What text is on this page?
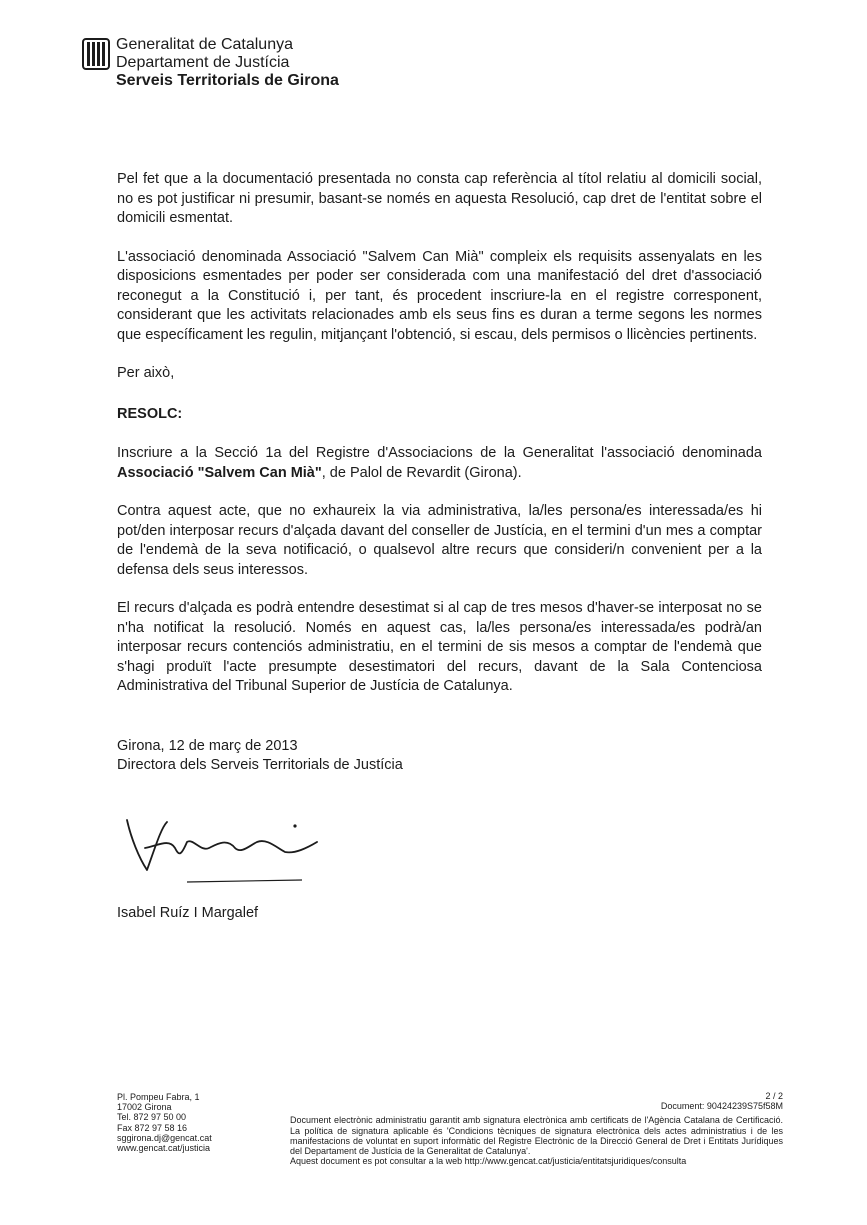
Generalitat de Catalunya
Departament de Justícia
Serveis Territorials de Girona

Pel fet que a la documentació presentada no consta cap referència al títol relatiu al domicili social, no es pot justificar ni presumir, basant-se només en aquesta Resolució, cap dret de l'entitat sobre el domicili esmentat.

L'associació denominada Associació "Salvem Can Mià" compleix els requisits assenyalats en les disposicions esmentades per poder ser considerada com una manifestació del dret d'associació reconegut a la Constitució i, per tant, és procedent inscriure-la en el registre corresponent, considerant que les activitats relacionades amb els seus fins es duran a terme segons les normes que específicament les regulin, mitjançant l'obtenció, si escau, dels permisos o llicències pertinents.

Per això,

RESOLC:

Inscriure a la Secció 1a del Registre d'Associacions de la Generalitat l'associació denominada Associació "Salvem Can Mià", de Palol de Revardit (Girona).

Contra aquest acte, que no exhaureix la via administrativa, la/les persona/es interessada/es hi pot/den interposar recurs d'alçada davant del conseller de Justícia, en el termini d'un mes a comptar de l'endemà de la seva notificació, o qualsevol altre recurs que consideri/n convenient per a la defensa dels seus interessos.

El recurs d'alçada es podrà entendre desestimat si al cap de tres mesos d'haver-se interposat no se n'ha notificat la resolució. Només en aquest cas, la/les persona/es interessada/es podrà/an interposar recurs contenciós administratiu, en el termini de sis mesos a comptar de l'endemà que s'hagi produït l'acte presumpte desestimatori del recurs, davant de la Sala Contenciosa Administrativa del Tribunal Superior de Justícia de Catalunya.

Girona, 12 de març de 2013
Directora dels Serveis Territorials de Justícia
Isabel Ruíz I Margalef
Pl. Pompeu Fabra, 1
17002 Girona
Tel. 872 97 50 00
Fax 872 97 58 16
sggirona.dj@gencat.cat
www.gencat.cat/justicia
2 / 2
Document: 90424239S75f58M
Document electrònic administratiu garantit amb signatura electrònica amb certificats de l'Agència Catalana de Certificació. La política de signatura aplicable és 'Condicions tècniques de signatura electrònica dels actes administratius i de les manifestacions de voluntat en suport informàtic del Registre Electrònic de la Direcció General de Dret i Entitats Jurídiques del Departament de Justícia de la Generalitat de Catalunya'.
Aquest document es pot consultar a la web http://www.gencat.cat/justicia/entitatsjuridiques/consulta
